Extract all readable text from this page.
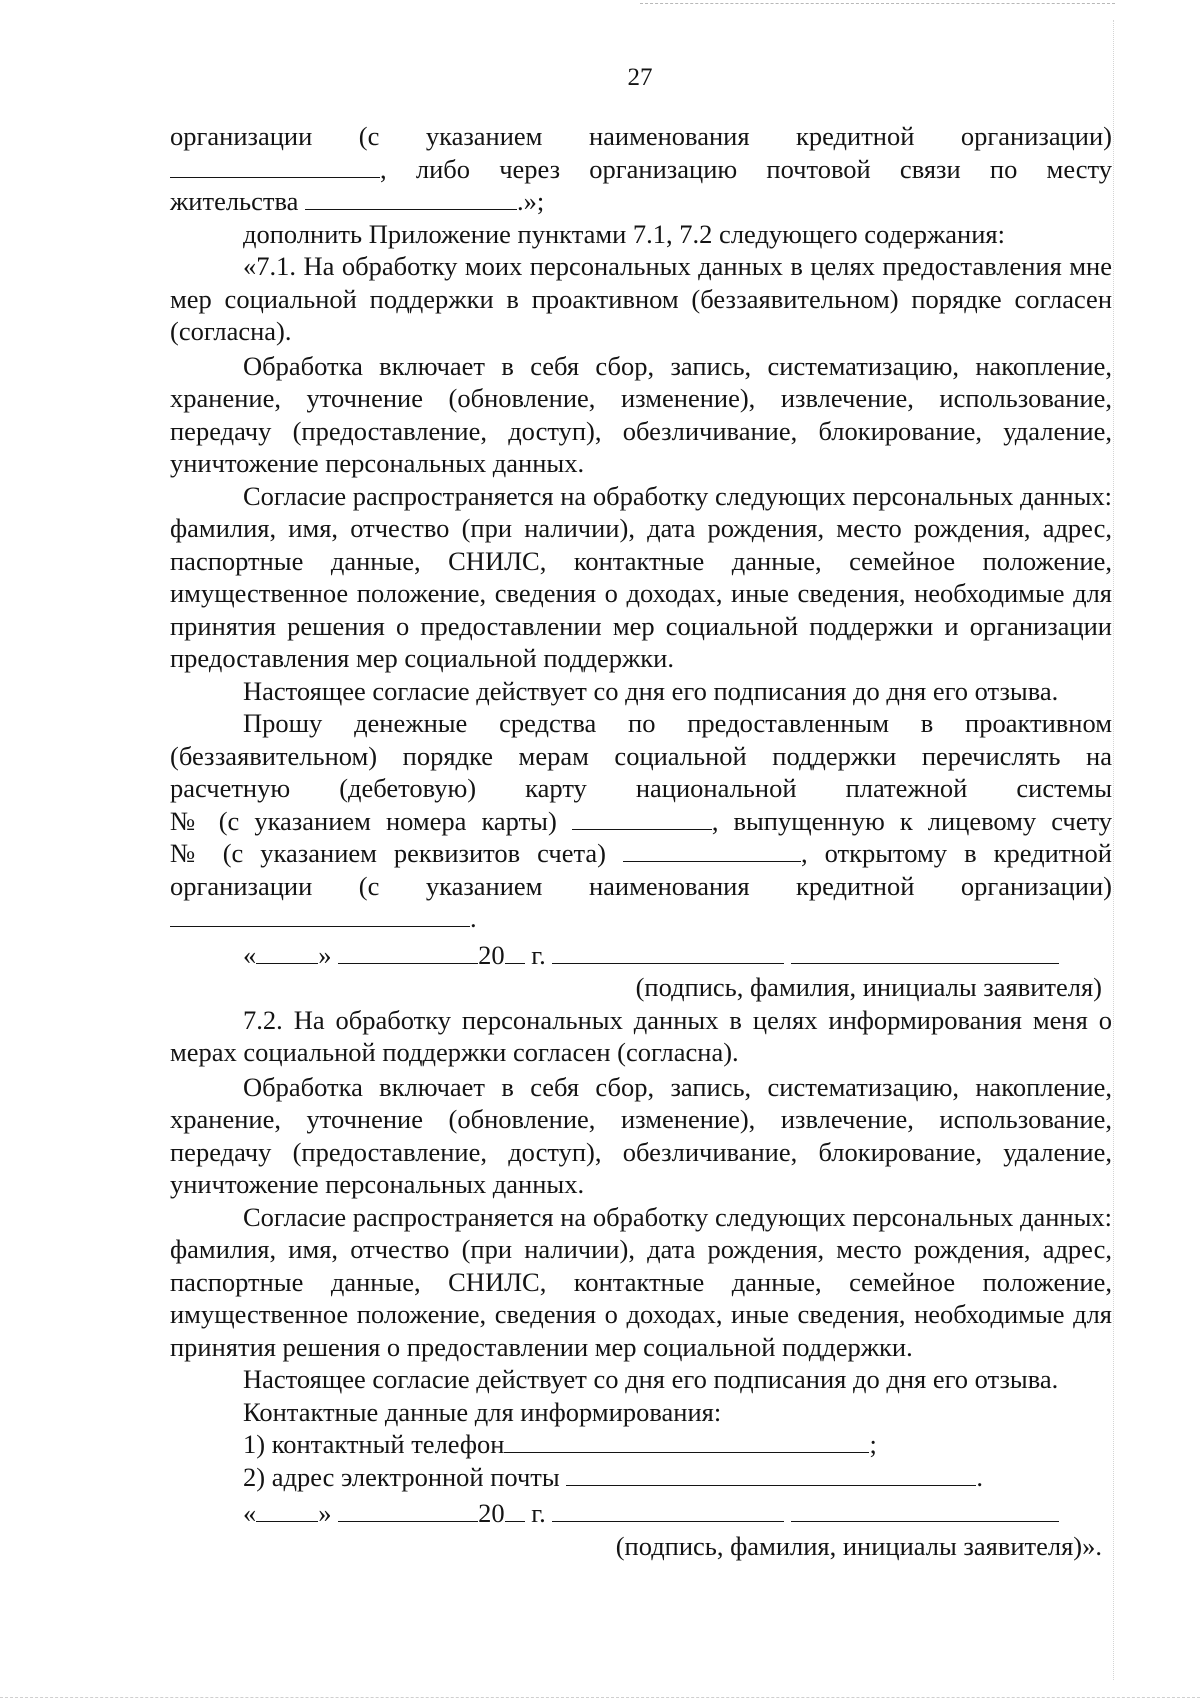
27
организации (с указанием наименования кредитной организации)
, либо через организацию почтовой связи по месту
жительства	.»;
дополнить Приложение пунктами 7.1, 7.2 следующего содержания:
«7.1. На обработку моих персональных данных в целях предоставления мне мер социальной поддержки в проактивном (беззаявительном) порядке согласен (согласна).
Обработка включает в себя сбор, запись, систематизацию, накопление, хранение, уточнение (обновление, изменение), извлечение, использование, передачу (предоставление, доступ), обезличивание, блокирование, удаление, уничтожение персональных данных.
Согласие распространяется на обработку следующих персональных данных: фамилия, имя, отчество (при наличии), дата рождения, место рождения, адрес, паспортные данные, СНИЛС, контактные данные, семейное положение, имущественное положение, сведения о доходах, иные сведения, необходимые для принятия решения о предоставлении мер социальной поддержки и организации предоставления мер социальной поддержки.
Настоящее согласие действует со дня его подписания до дня его отзыва.
Прошу денежные средства по предоставленным в проактивном (беззаявительном) порядке мерам социальной поддержки перечислять на расчетную (дебетовую) карту национальной платежной системы
№ (с указанием номера карты)	, выпущенную к лицевому счету
№ (с указанием реквизитов счета)	, открытому в кредитной
организации (с указанием наименования кредитной организации)
.
« »	20 г.
(подпись, фамилия, инициалы заявителя)
7.2. На обработку персональных данных в целях информирования меня о мерах социальной поддержки согласен (согласна).
Обработка включает в себя сбор, запись, систематизацию, накопление, хранение, уточнение (обновление, изменение), извлечение, использование, передачу (предоставление, доступ), обезличивание, блокирование, удаление, уничтожение персональных данных.
Согласие распространяется на обработку следующих персональных данных: фамилия, имя, отчество (при наличии), дата рождения, место рождения, адрес, паспортные данные, СНИЛС, контактные данные, семейное положение, имущественное положение, сведения о доходах, иные сведения, необходимые для принятия решения о предоставлении мер социальной поддержки.
Настоящее согласие действует со дня его подписания до дня его отзыва.
Контактные данные для информирования:
1) контактный телефон	;
2) адрес электронной почты	.
« »	20 г.
(подпись, фамилия, инициалы заявителя)».
